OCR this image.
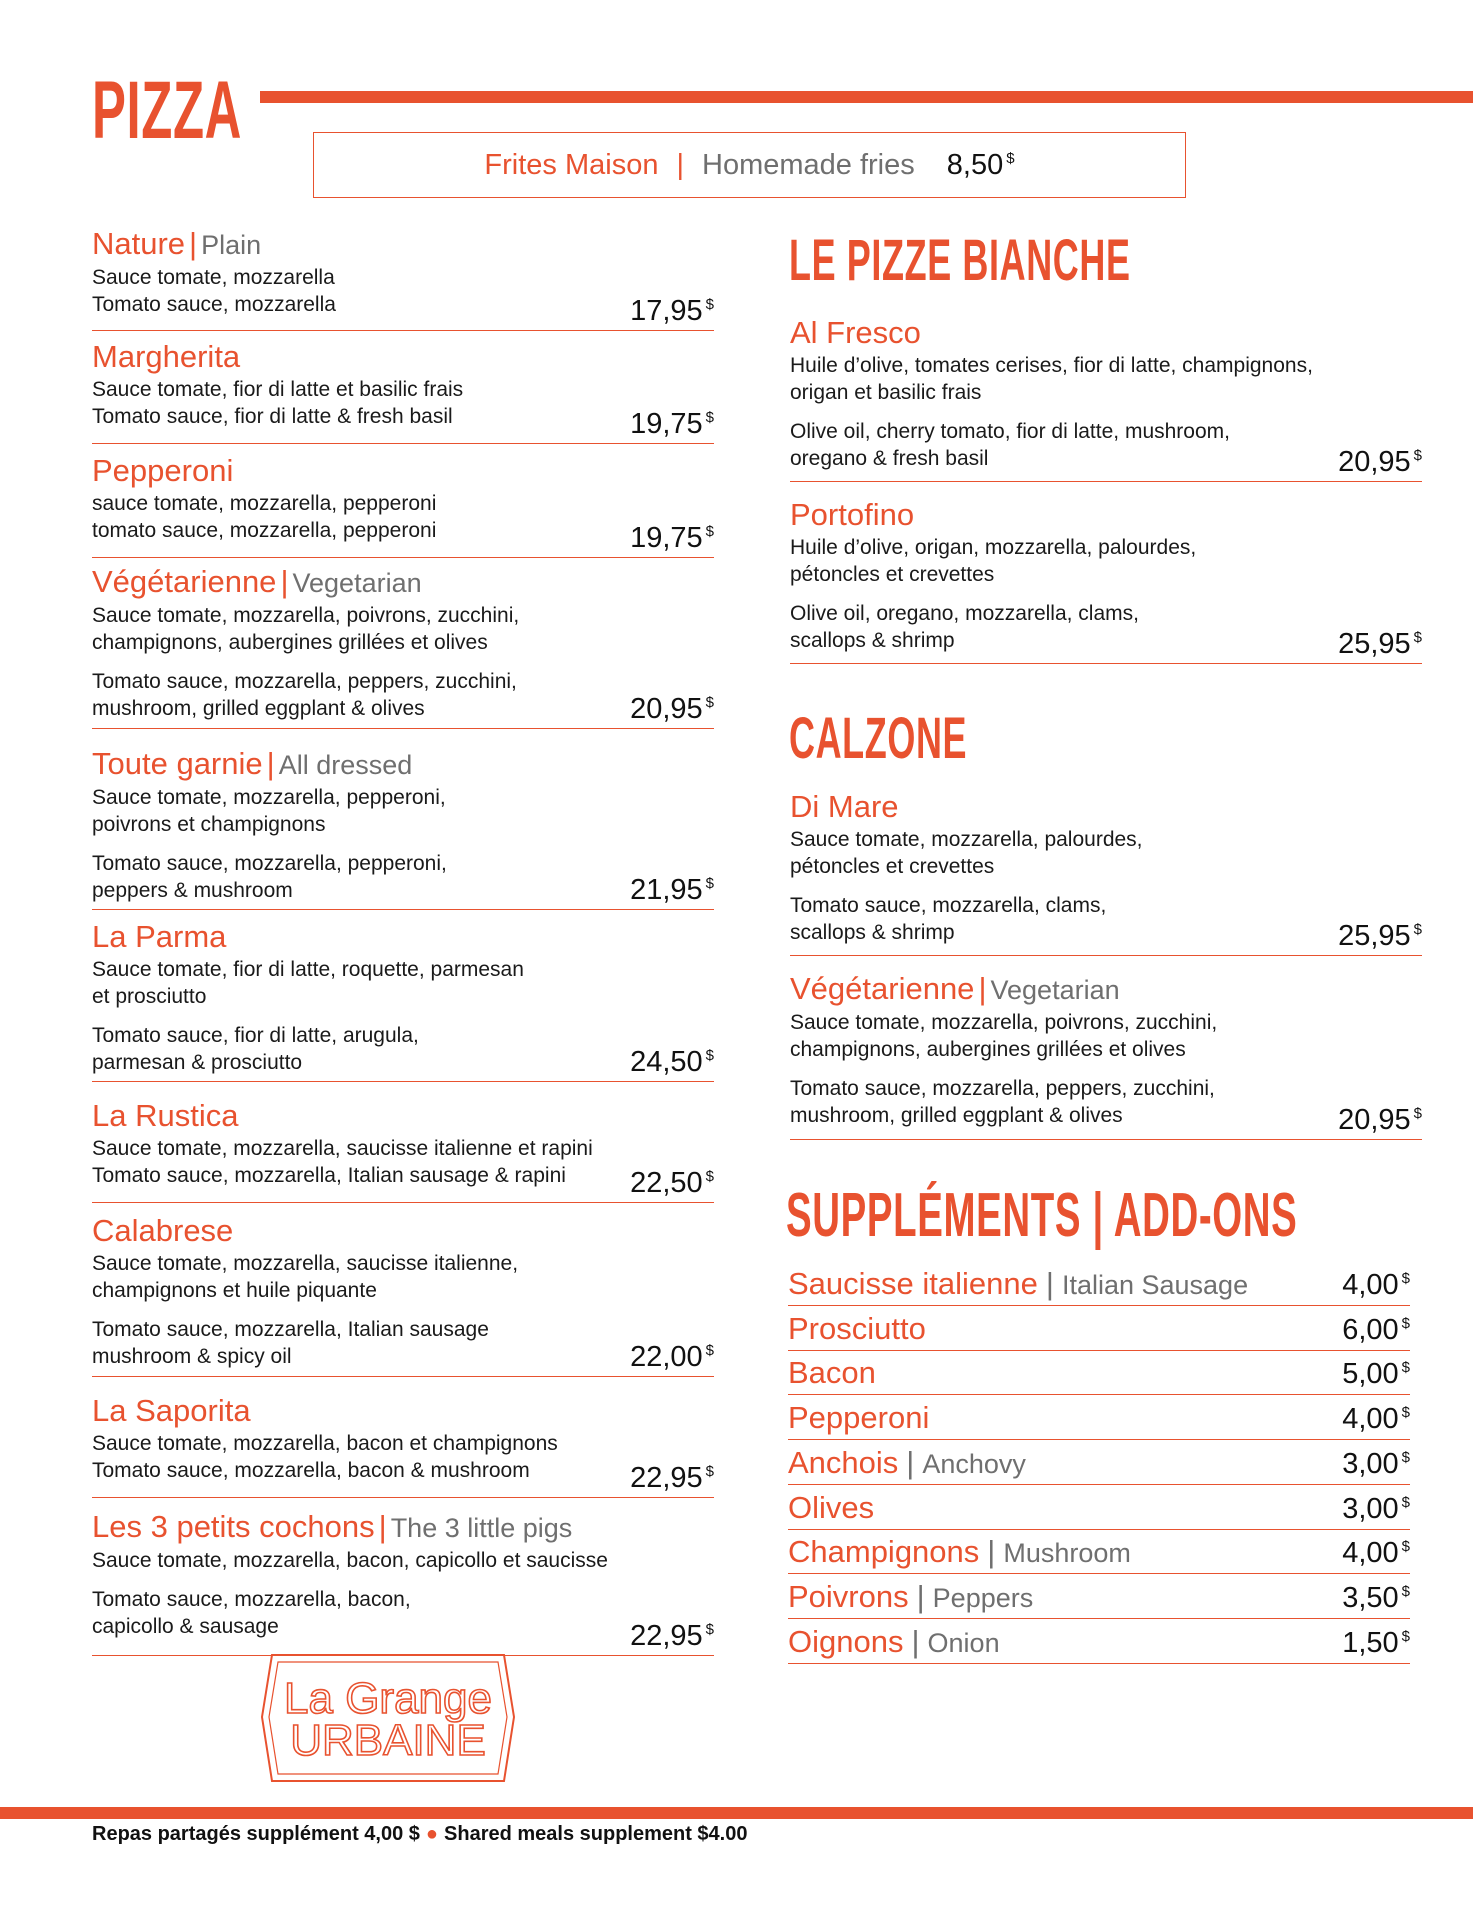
PIZZA
Frites Maison | Homemade fries 8,50 $
Nature | Plain
Sauce tomate, mozzarella
Tomato sauce, mozzarella	17,95 $
Margherita
Sauce tomate, fior di latte et basilic frais
Tomato sauce, fior di latte & fresh basil	19,75 $
Pepperoni
sauce tomate, mozzarella, pepperoni
tomato sauce, mozzarella, pepperoni	19,75 $
Végétarienne | Vegetarian
Sauce tomate, mozzarella, poivrons, zucchini,
champignons, aubergines grillées et olives
Tomato sauce, mozzarella, peppers, zucchini,
mushroom, grilled eggplant & olives	20,95 $
Toute garnie | All dressed
Sauce tomate, mozzarella, pepperoni,
poivrons et champignons
Tomato sauce, mozzarella, pepperoni,
peppers & mushroom	21,95 $
La Parma
Sauce tomate, fior di latte, roquette, parmesan
et prosciutto
Tomato sauce, fior di latte, arugula,
parmesan & prosciutto	24,50 $
La Rustica
Sauce tomate, mozzarella, saucisse italienne et rapini
Tomato sauce, mozzarella, Italian sausage & rapini	22,50 $
Calabrese
Sauce tomate, mozzarella, saucisse italienne,
champignons et huile piquante
Tomato sauce, mozzarella, Italian sausage
mushroom & spicy oil	22,00 $
La Saporita
Sauce tomate, mozzarella, bacon et champignons
Tomato sauce, mozzarella, bacon & mushroom	22,95 $
Les 3 petits cochons | The 3 little pigs
Sauce tomate, mozzarella, bacon, capicollo et saucisse
Tomato sauce, mozzarella, bacon,
capicollo & sausage	22,95 $
LE PIZZE BIANCHE
Al Fresco
Huile d’olive, tomates cerises, fior di latte, champignons,
origan et basilic frais
Olive oil, cherry tomato, fior di latte, mushroom,
oregano & fresh basil	20,95 $
Portofino
Huile d’olive, origan, mozzarella, palourdes,
pétoncles et crevettes
Olive oil, oregano, mozzarella, clams,
scallops & shrimp	25,95 $
CALZONE
Di Mare
Sauce tomate, mozzarella, palourdes,
pétoncles et crevettes
Tomato sauce, mozzarella, clams,
scallops & shrimp	25,95 $
Végétarienne | Vegetarian
Sauce tomate, mozzarella, poivrons, zucchini,
champignons, aubergines grillées et olives
Tomato sauce, mozzarella, peppers, zucchini,
mushroom, grilled eggplant & olives	20,95 $
SUPPLÉMENTS | ADD-ONS
Saucisse italienne | Italian Sausage	4,00 $
Prosciutto	6,00 $
Bacon	5,00 $
Pepperoni	4,00 $
Anchois | Anchovy	3,00 $
Olives	3,00 $
Champignons | Mushroom	4,00 $
Poivrons | Peppers	3,50 $
Oignons | Onion	1,50 $
La Grange
URBAINE
Repas partagés supplément 4,00 $ ● Shared meals supplement $4.00
